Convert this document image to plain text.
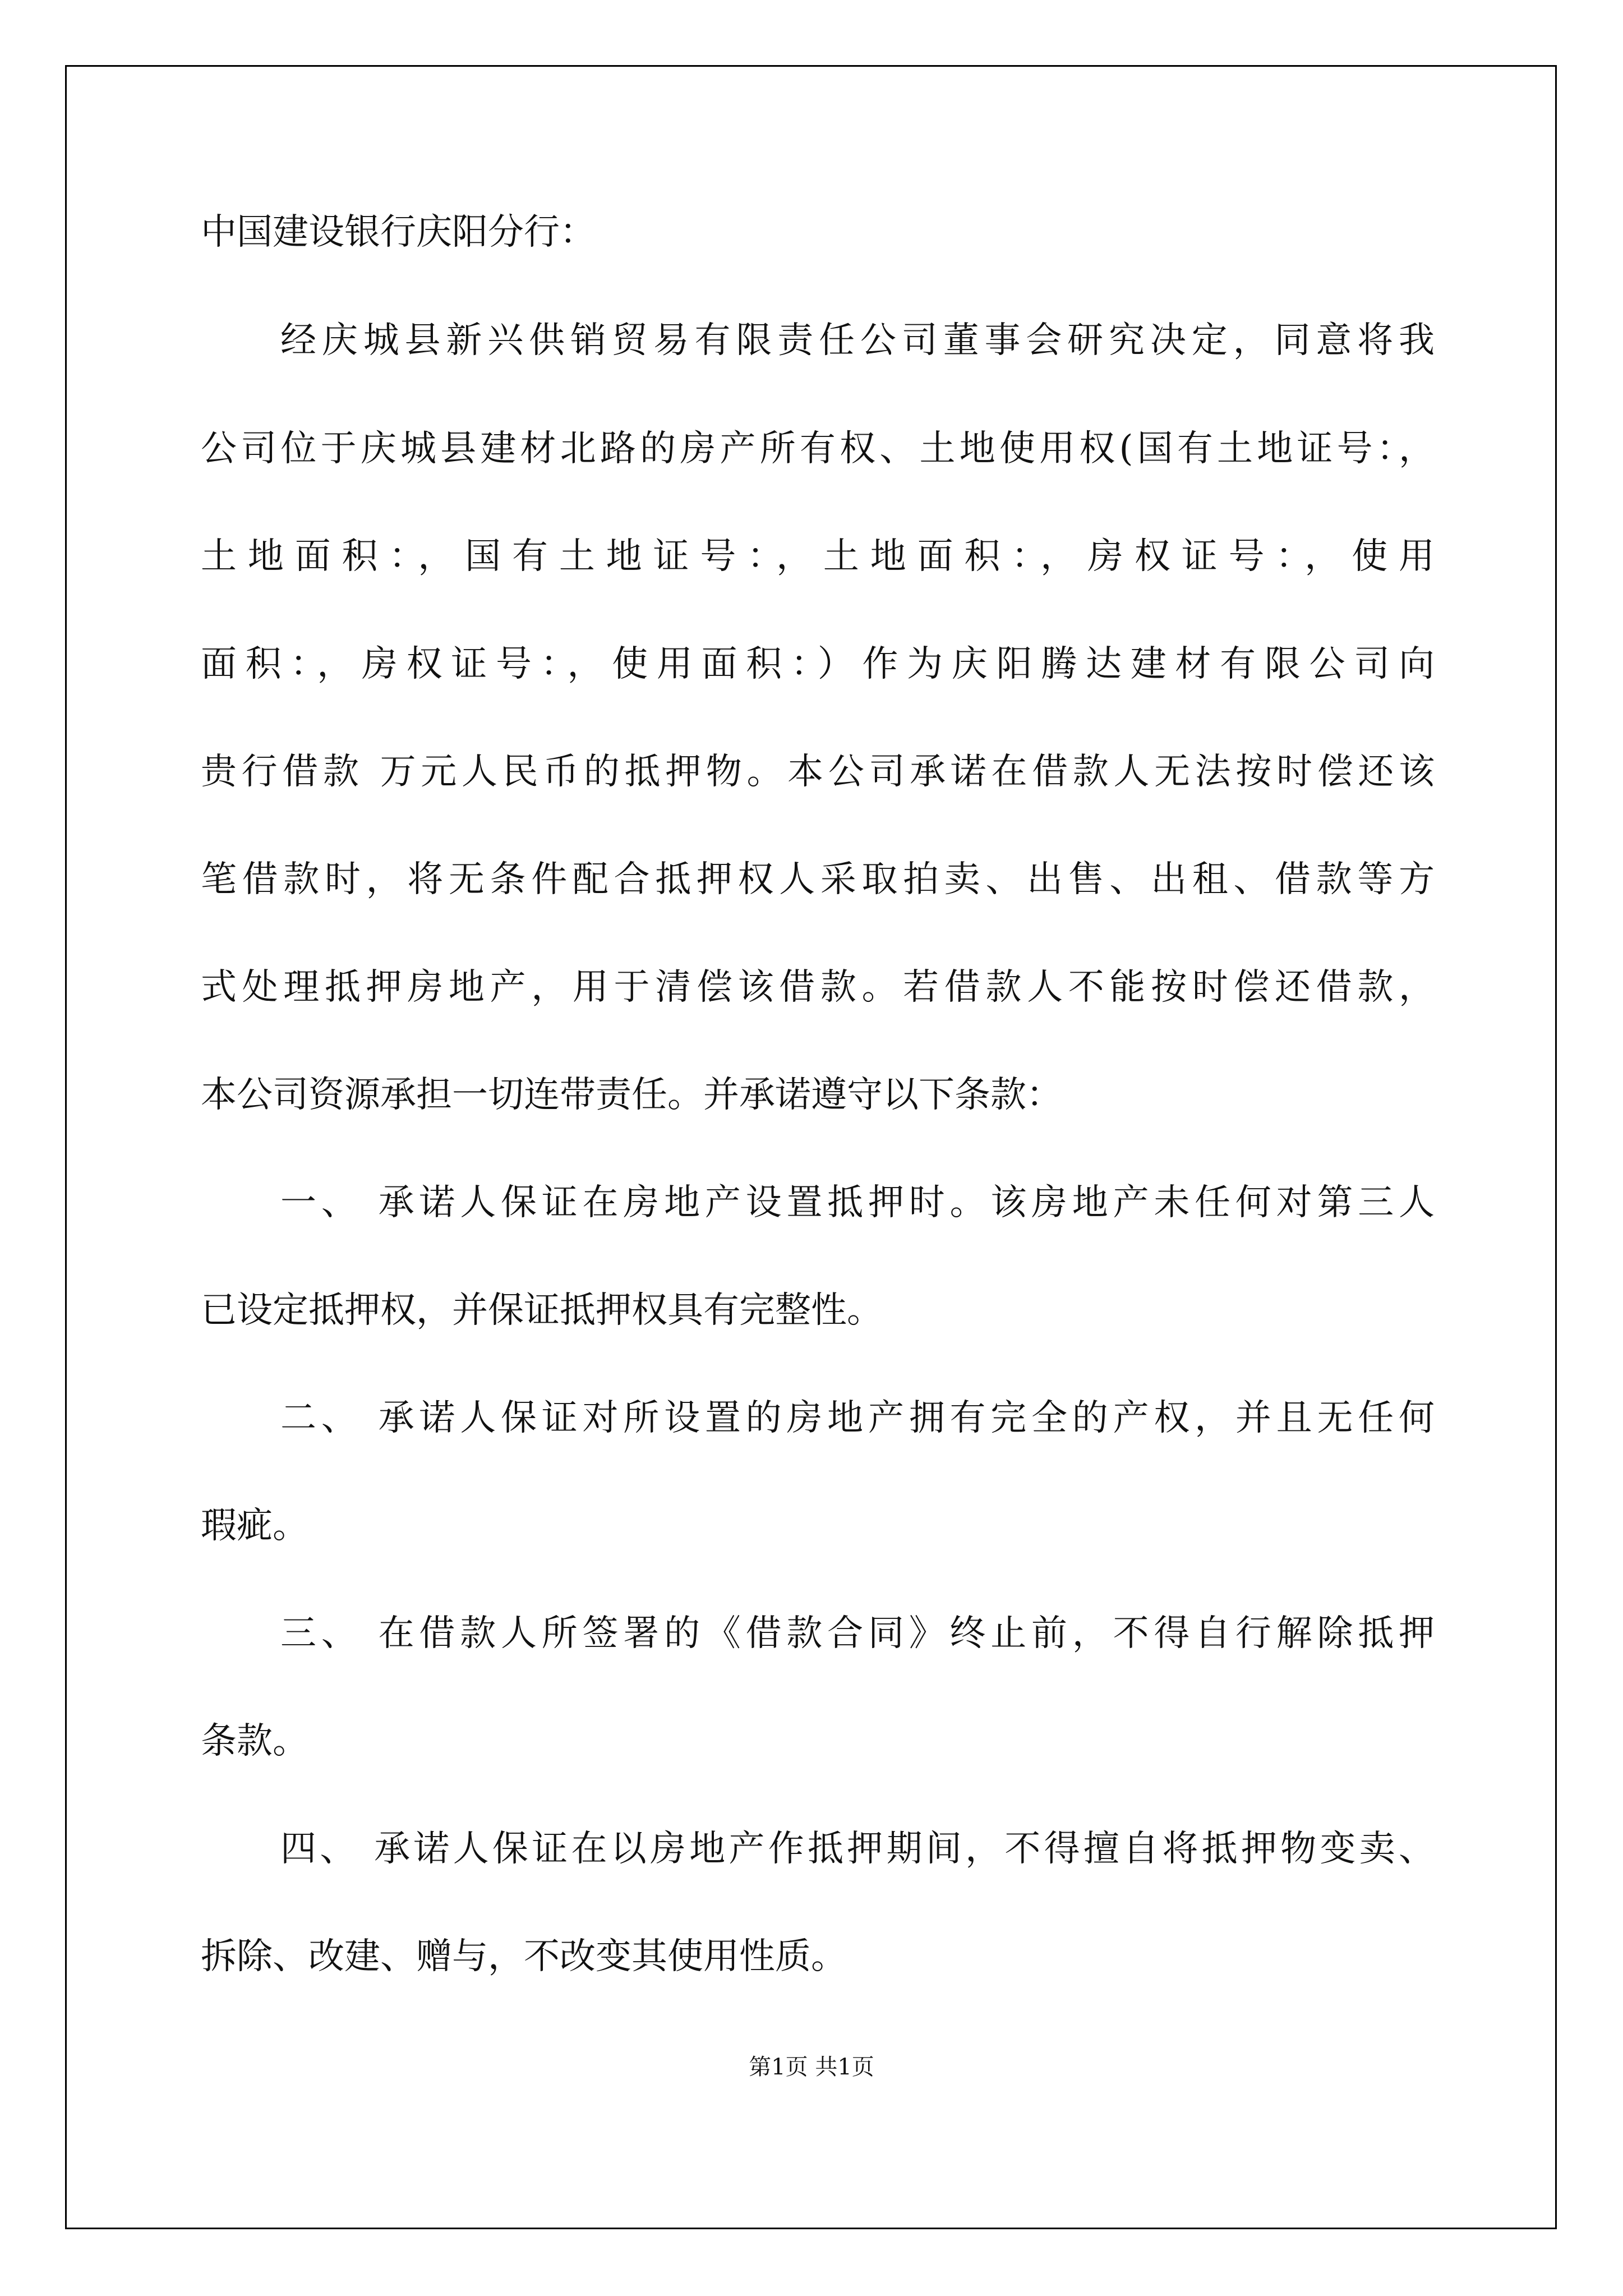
中国建设银行庆阳分行：
经庆城县新兴供销贸易有限责任公司董事会研究决定，同意将我
公司位于庆城县建材北路的房产所有权、土地使用权(国有土地证号：，
土地面积：，国有土地证号：，土地面积：，房权证号：，使用
面积：，房权证号：，使用面积：）作为庆阳腾达建材有限公司向
贵行借款 万元人民币的抵押物。本公司承诺在借款人无法按时偿还该
笔借款时，将无条件配合抵押权人采取拍卖、出售、出租、借款等方
式处理抵押房地产，用于清偿该借款。若借款人不能按时偿还借款，
本公司资源承担一切连带责任。并承诺遵守以下条款：
一、 承诺人保证在房地产设置抵押时。该房地产未任何对第三人
已设定抵押权，并保证抵押权具有完整性。
二、 承诺人保证对所设置的房地产拥有完全的产权，并且无任何
瑕疵。
三、 在借款人所签署的《借款合同》终止前，不得自行解除抵押
条款。
四、 承诺人保证在以房地产作抵押期间，不得擅自将抵押物变卖、
拆除、改建、赠与，不改变其使用性质。
第1页 共1页
